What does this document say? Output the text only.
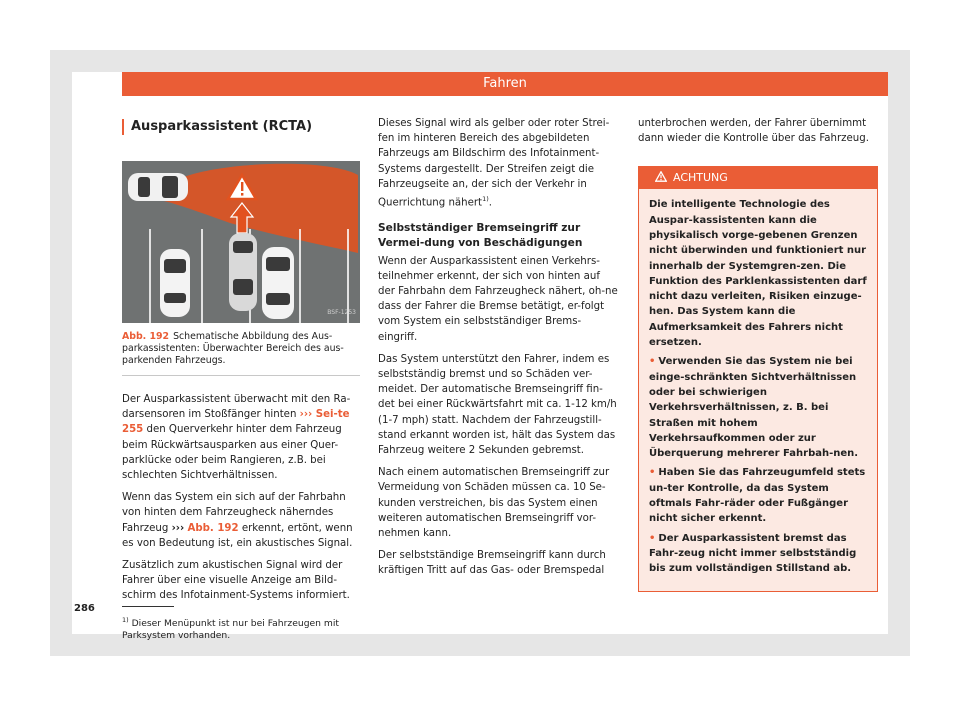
Fahren
Ausparkassistent (RCTA)
BSF-1253
Abb. 192 Schematische Abbildung des Aus-parkassistenten: Überwachter Bereich des aus-parkenden Fahrzeugs.

Der Ausparkassistent überwacht mit den Ra-darsensoren im Stoßfänger hinten ››› Sei-te 255 den Querverkehr hinter dem Fahrzeug beim Rückwärtsausparken aus einer Quer-parklücke oder beim Rangieren, z.B. bei schlechten Sichtverhältnissen.

Wenn das System ein sich auf der Fahrbahn von hinten dem Fahrzeugheck näherndes Fahrzeug ››› Abb. 192 erkennt, ertönt, wenn es von Bedeutung ist, ein akustisches Signal.

Zusätzlich zum akustischen Signal wird der Fahrer über eine visuelle Anzeige am Bild-schirm des Infotainment-Systems informiert.

$^{1)}$ Dieser Menüpunkt ist nur bei Fahrzeugen mit Parksystem vorhanden.

Dieses Signal wird als gelber oder roter Strei-fen im hinteren Bereich des abgebildeten Fahrzeugs am Bildschirm des Infotainment-Systems dargestellt. Der Streifen zeigt die Fahrzeugseite an, der sich der Verkehr in Querrichtung nähert$^{1)}$.

Selbstständiger Bremseingriff zur Vermei-dung von Beschädigungen

Wenn der Ausparkassistent einen Verkehrs-teilnehmer erkennt, der sich von hinten auf der Fahrbahn dem Fahrzeugheck nähert, oh-ne dass der Fahrer die Bremse betätigt, er-folgt vom System ein selbstständiger Brems-eingriff.

Das System unterstützt den Fahrer, indem es selbstständig bremst und so Schäden ver-meidet. Der automatische Bremseingriff fin-det bei einer Rückwärtsfahrt mit ca. 1-12 km/h (1-7 mph) statt. Nachdem der Fahrzeugstill-stand erkannt worden ist, hält das System das Fahrzeug weitere 2 Sekunden gebremst.

Nach einem automatischen Bremseingriff zur Vermeidung von Schäden müssen ca. 10 Se-kunden verstreichen, bis das System einen weiteren automatischen Bremseingriff vor-nehmen kann.

Der selbstständige Bremseingriff kann durch kräftigen Tritt auf das Gas- oder Bremspedal

unterbrochen werden, der Fahrer übernimmt dann wieder die Kontrolle über das Fahrzeug.

ACHTUNG

Die intelligente Technologie des Auspar-kassistenten kann die physikalisch vorge-gebenen Grenzen nicht überwinden und funktioniert nur innerhalb der Systemgren-zen. Die Funktion des Parklenkassistenten darf nicht dazu verleiten, Risiken einzuge-hen. Das System kann die Aufmerksamkeit des Fahrers nicht ersetzen.

• Verwenden Sie das System nie bei einge-schränkten Sichtverhältnissen oder bei schwierigen Verkehrsverhältnissen, z. B. bei Straßen mit hohem Verkehrsaufkommen oder zur Überquerung mehrerer Fahrbah-nen.

• Haben Sie das Fahrzeugumfeld stets un-ter Kontrolle, da das System oftmals Fahr-räder oder Fußgänger nicht sicher erkennt.

• Der Ausparkassistent bremst das Fahr-zeug nicht immer selbstständig bis zum vollständigen Stillstand ab.

286
